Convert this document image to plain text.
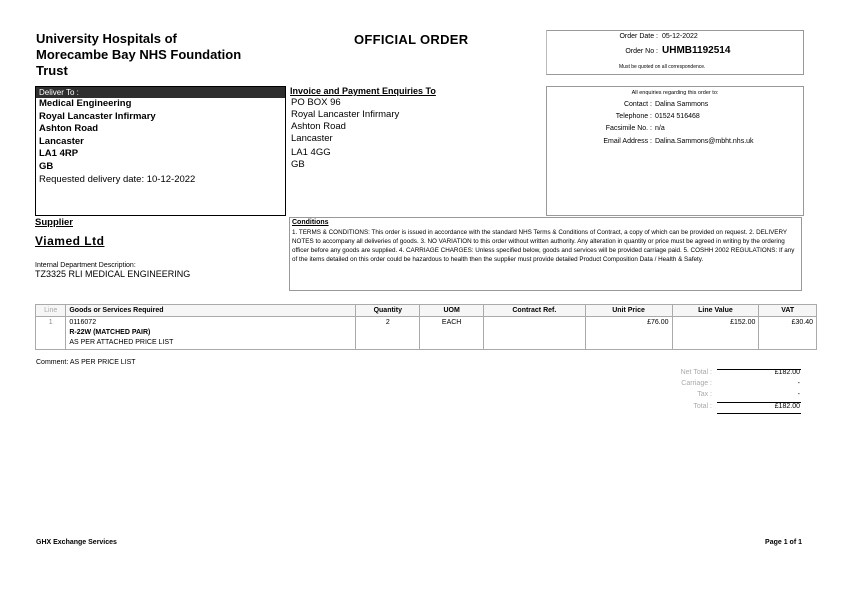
University Hospitals of
Morecambe Bay NHS Foundation
Trust
OFFICIAL ORDER	Order Date : 05-12-2022
Order No : UHMB1192514
Must be quoted on all correspondence.
Deliver To :
Medical Engineering
Royal Lancaster Infirmary
Ashton Road
Lancaster
LA1 4RP
GB
Requested delivery date: 10-12-2022
Invoice and Payment Enquiries To
PO BOX 96
Royal Lancaster Infirmary
Ashton Road
Lancaster
LA1 4GG
GB
All enquiries regarding this order to:
Contact : Dalina Sammons
Telephone : 01524 516468
Facsimile No. : n/a
Email Address : Dalina.Sammons@mbht.nhs.uk
Supplier
Viamed Ltd
Internal Department Description:
TZ3325 RLI MEDICAL ENGINEERING
Conditions
1. TERMS & CONDITIONS: This order is issued in accordance with the standard NHS Terms & Conditions of Contract, a copy of which can be provided on request. 2. DELIVERY NOTES to accompany all deliveries of goods. 3. NO VARIATION to this order without written authority. Any alteration in quantity or price must be agreed in writing by the ordering officer before any goods are supplied. 4. CARRIAGE CHARGES: Unless specified below, goods and services will be provided carriage paid. 5. COSHH 2002 REGULATIONS: If any of the items detailed on this order could be hazardous to health then the supplier must provide detailed Product Composition Data / Health & Safety.
Line	Goods or Services Required	Quantity	UOM	Contract Ref.	Unit Price	Line Value	VAT
1	0116072
R-22W (MATCHED PAIR)
AS PER ATTACHED PRICE LIST	2	EACH		£76.00	£152.00	£30.40
Comment: AS PER PRICE LIST
Net Total :	£182.00
Carriage :	-
Tax :	-
Total :	£182.00
GHX Exchange Services	Page 1 of 1
